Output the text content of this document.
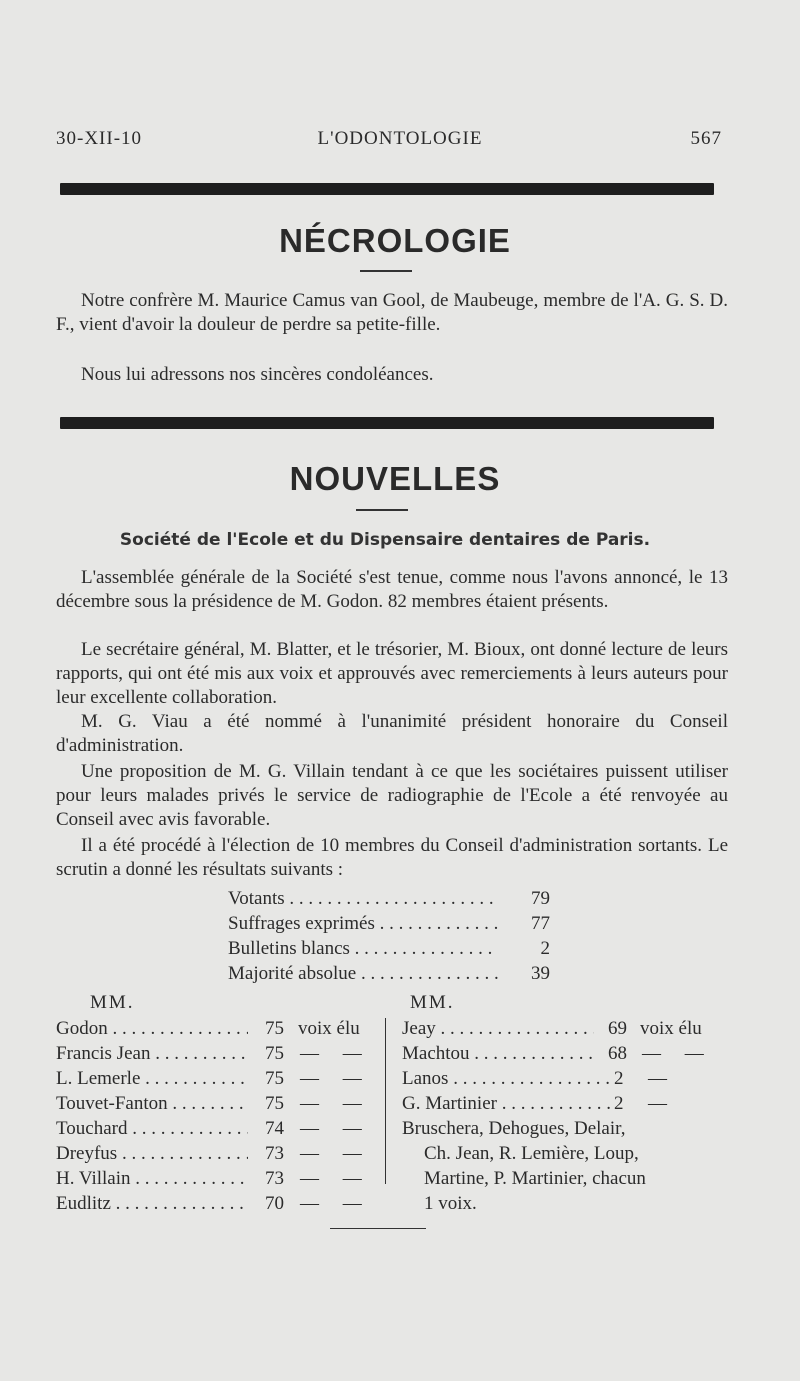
30-XII-10	L'ODONTOLOGIE	567
NÉCROLOGIE

Notre confrère M. Maurice Camus van Gool, de Maubeuge, membre de l'A. G. S. D. F., vient d'avoir la douleur de perdre sa petite-fille.

Nous lui adressons nos sincères condoléances.

NOUVELLES
Société de l'Ecole et du Dispensaire dentaires de Paris.

L'assemblée générale de la Société s'est tenue, comme nous l'avons annoncé, le 13 décembre sous la présidence de M. Godon. 82 membres étaient présents.

Le secrétaire général, M. Blatter, et le trésorier, M. Bioux, ont donné lecture de leurs rapports, qui ont été mis aux voix et approuvés avec remerciements à leurs auteurs pour leur excellente collaboration.

M. G. Viau a été nommé à l'unanimité président honoraire du Conseil d'administration.

Une proposition de M. G. Villain tendant à ce que les sociétaires puissent utiliser pour leurs malades privés le service de radiographie de l'Ecole a été renvoyée au Conseil avec avis favorable.

Il a été procédé à l'élection de 10 membres du Conseil d'administration sortants. Le scrutin a donné les résultats suivants :

Votants . . .	79
Suffrages exprimés . . .	77
Bulletins blancs . . .	2
Majorité absolue . . .	39
MM.	MM.
Godon . . .	75 voix élu
Francis Jean . . .	75 —     —
L. Lemerle . . .	75 —     —
Touvet-Fanton . . .	75 —     —
Touchard . . .	74 —     —
Dreyfus . . .	73 —     —
H. Villain . . .	73 —     —
Eudlitz . . .	70 —     —
Jeay . . .	69 voix élu
Machtou . . .	68 —     —
Lanos . . .	2 —
G. Martinier . . .	2 —
Bruschera, Dehogues, Delair,
Ch. Jean, R. Lemière, Loup,
Martine, P. Martinier, chacun
1 voix.
